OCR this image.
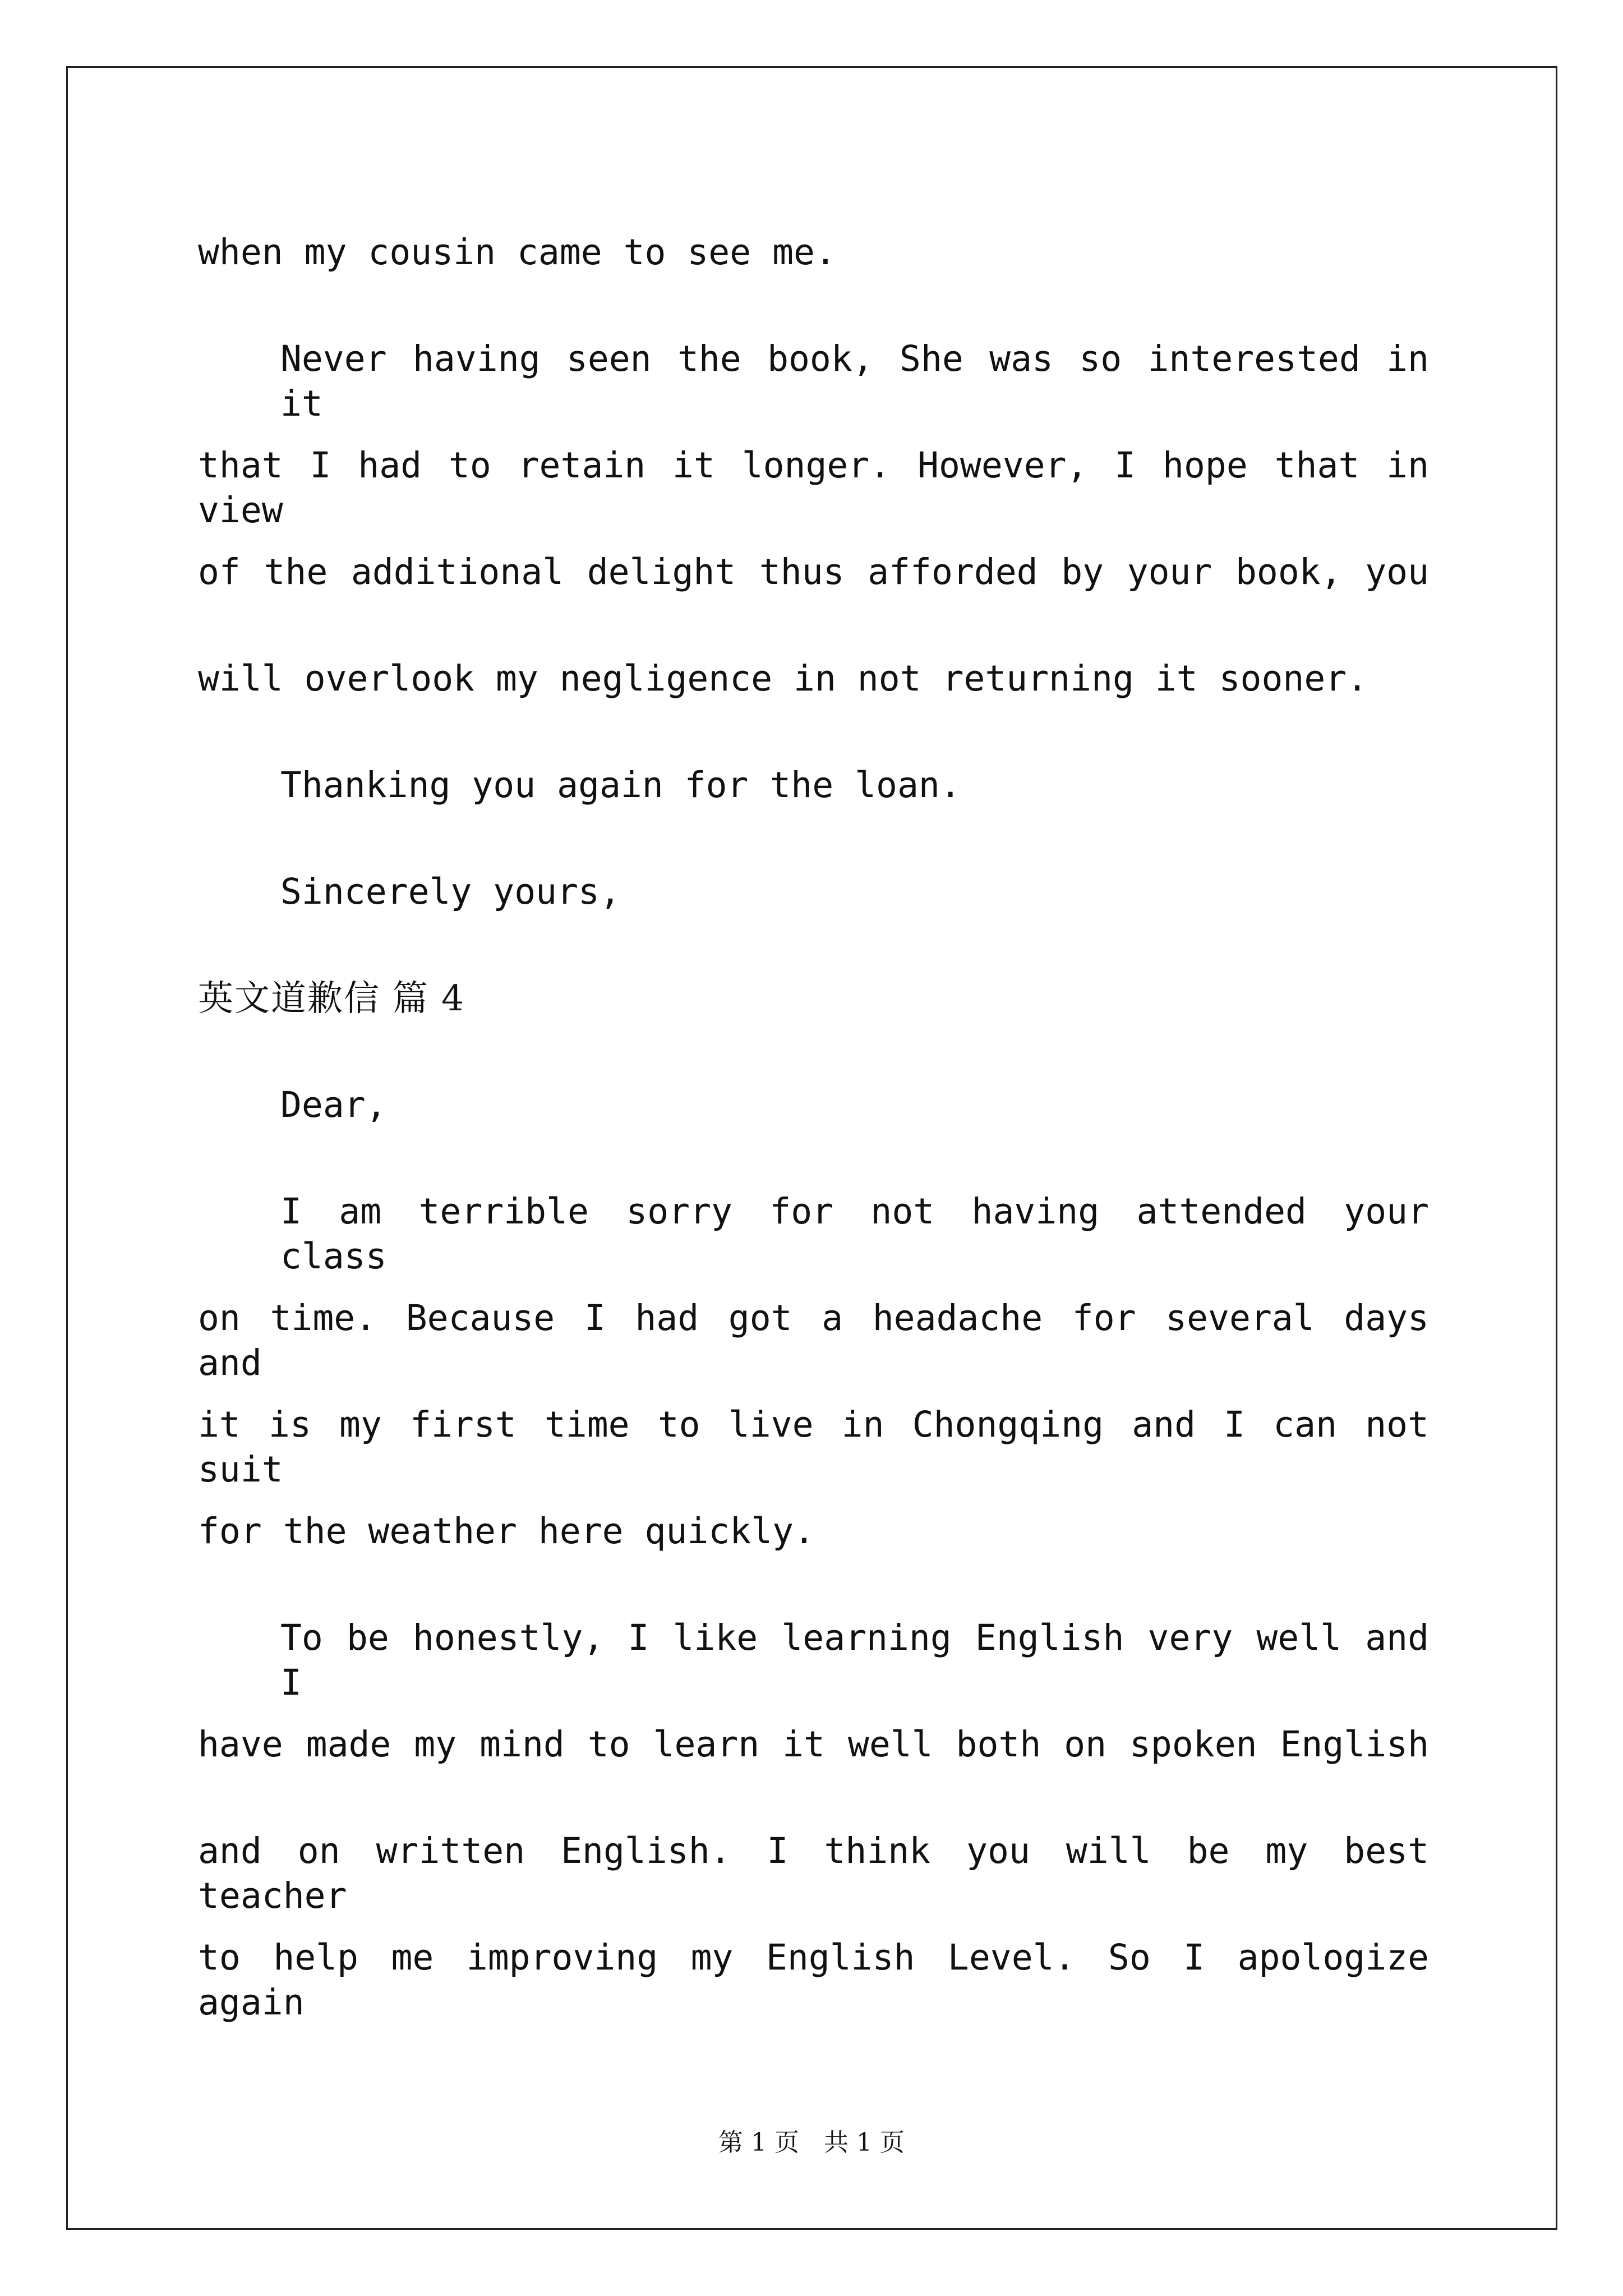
when my cousin came to see me.
Never having seen the book, She was so interested in it
that I had to retain it longer. However, I hope that in view
of the additional delight thus afforded by your book, you
will overlook my negligence in not returning it sooner.
Thanking you again for the loan.
Sincerely yours,
英文道歉信 篇 4
Dear,
I am terrible sorry for not having attended your class
on time. Because I had got a headache for several days and
it is my first time to live in Chongqing and I can not suit
for the weather here quickly.
To be honestly, I like learning English very well and I
have made my mind to learn it well both on spoken English
and on written English. I think you will be my best teacher
to help me improving my English Level. So I apologize again
第 1 页　共 1 页
